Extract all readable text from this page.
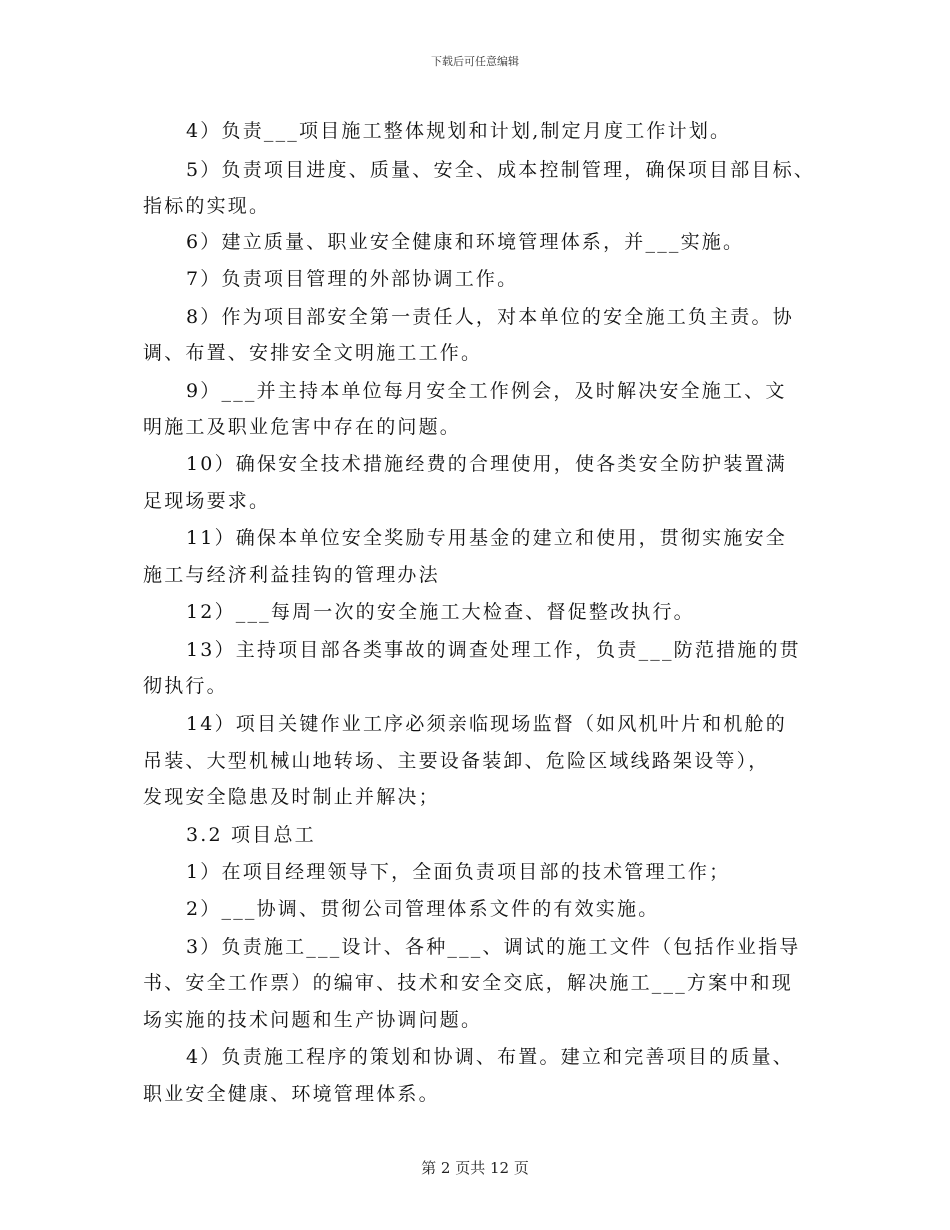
下载后可任意编辑
4）负责___项目施工整体规划和计划,制定月度工作计划。
5）负责项目进度、质量、安全、成本控制管理，确保项目部目标、
指标的实现。
6）建立质量、职业安全健康和环境管理体系，并___实施。
7）负责项目管理的外部协调工作。
8）作为项目部安全第一责任人，对本单位的安全施工负主责。协
调、布置、安排安全文明施工工作。
9）___并主持本单位每月安全工作例会，及时解决安全施工、文
明施工及职业危害中存在的问题。
10）确保安全技术措施经费的合理使用，使各类安全防护装置满
足现场要求。
11）确保本单位安全奖励专用基金的建立和使用，贯彻实施安全
施工与经济利益挂钩的管理办法
12）___每周一次的安全施工大检查、督促整改执行。
13）主持项目部各类事故的调查处理工作，负责___防范措施的贯
彻执行。
14）项目关键作业工序必须亲临现场监督（如风机叶片和机舱的
吊装、大型机械山地转场、主要设备装卸、危险区域线路架设等），
发现安全隐患及时制止并解决；
3.2 项目总工
1）在项目经理领导下，全面负责项目部的技术管理工作；
2）___协调、贯彻公司管理体系文件的有效实施。
3）负责施工___设计、各种___、调试的施工文件（包括作业指导
书、安全工作票）的编审、技术和安全交底，解决施工___方案中和现
场实施的技术问题和生产协调问题。
4）负责施工程序的策划和协调、布置。建立和完善项目的质量、
职业安全健康、环境管理体系。
第 2 页共 12 页
